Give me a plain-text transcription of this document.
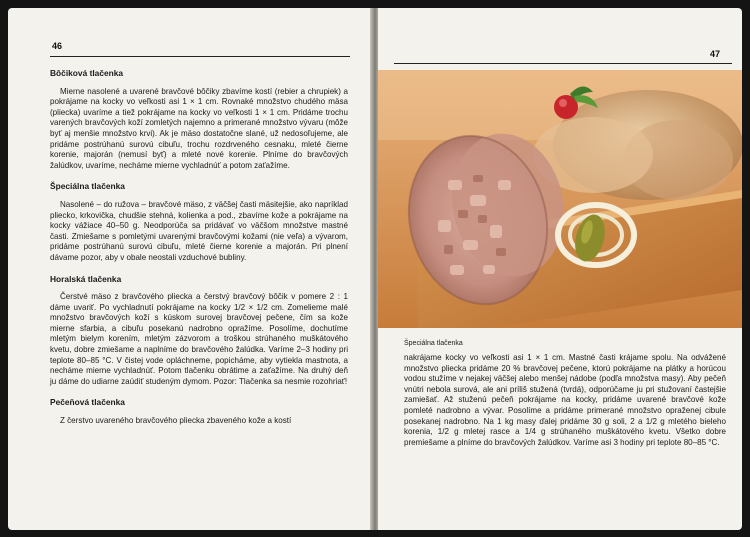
46
Bôčiková tlačenka

Mierne nasolené a uvarené bravčové bôčiky zbavíme kostí (rebier a chrupiek) a pokrájame na kocky vo veľkosti asi 1 × 1 cm. Rovnaké množstvo chudého mäsa (pliecka) uvaríme a tiež pokrájame na kocky vo veľkosti 1 × 1 cm. Pridáme trochu varených bravčových koží zomletých najemno a primerané množstvo vývaru (môže byť aj menšie množstvo krvi). Ak je mäso dostatočne slané, už nedosoľujeme, ale pridáme postrúhanú surovú cibuľu, trochu rozdrveného cesnaku, mleté čierne korenie, majorán (nemusí byť) a mleté nové korenie. Plníme do bravčových žalúdkov, uvaríme, necháme mierne vychladnúť a potom zaťažíme.

Špeciálna tlačenka

Nasolené – do ružova – bravčové mäso, z väčšej časti mäsitejšie, ako napríklad pliecko, krkovička, chudšie stehná, kolienka a pod., zbavíme kože a pokrájame na kocky vážiace 40–50 g. Neodporúča sa pridávať vo väčšom množstve mastné časti. Zmiešame s pomletými uvarenými bravčovými kožami (nie veľa) a vývarom, pridáme postrúhanú surovú cibuľu, mleté čierne korenie a majorán. Pri plnení dávame pozor, aby v obale neostali vzduchové bubliny.

Horalská tlačenka

Čerstvé mäso z bravčového pliecka a čerstvý bravčový bôčik v pomere 2 : 1 dáme uvariť. Po vychladnutí pokrájame na kocky 1/2 × 1/2 cm. Zomelieme malé množstvo bravčových koží s kúskom surovej bravčovej pečene, čím sa kože mierne sfarbia, a cibuľu posekanú nadrobno opražíme. Posolíme, dochutíme mletým bielym korením, mletým zázvorom a troškou strúhaného muškátového kvetu, dobre zmiešame a naplníme do bravčového žalúdka. Varíme 2–3 hodiny pri teplote 80–85 °C. V čistej vode opláchneme, popicháme, aby vytiekla mastnota, a necháme mierne vychladnúť. Potom tlačenku obrátime a zaťažíme. Na druhý deň ju dáme do udiarne zaúdiť studeným dymom. Pozor: Tlačenka sa nesmie rozohriať!

Pečeňová tlačenka

Z čerstvo uvareného bravčového pliecka zbaveného kože a kostí

47
Špeciálna tlačenka

nakrájame kocky vo veľkosti asi 1 × 1 cm. Mastné časti krájame spolu. Na odvážené množstvo pliecka pridáme 20 % bravčovej pečene, ktorú pokrájame na plátky a horúcou vodou stužíme v nejakej väčšej alebo menšej nádobe (podľa množstva masy). Aby pečeň vnútri nebola surová, ale ani príliš stužená (tvrdá), odporúčame ju pri stužovaní častejšie zamiešať. Až stuženú pečeň pokrájame na kocky, pridáme uvarené bravčové kože pomleté nadrobno a vývar. Posolíme a pridáme primerané množstvo opraženej cibule posekanej nadrobno. Na 1 kg masy ďalej pridáme 30 g soli, 2 a 1/2 g mletého bieleho korenia, 1/2 g mletej rasce a 1/4 g strúhaného muškátového kvetu. Všetko dobre premiešame a plníme do bravčových žalúdkov. Varíme asi 3 hodiny pri teplote 80–85 °C.
